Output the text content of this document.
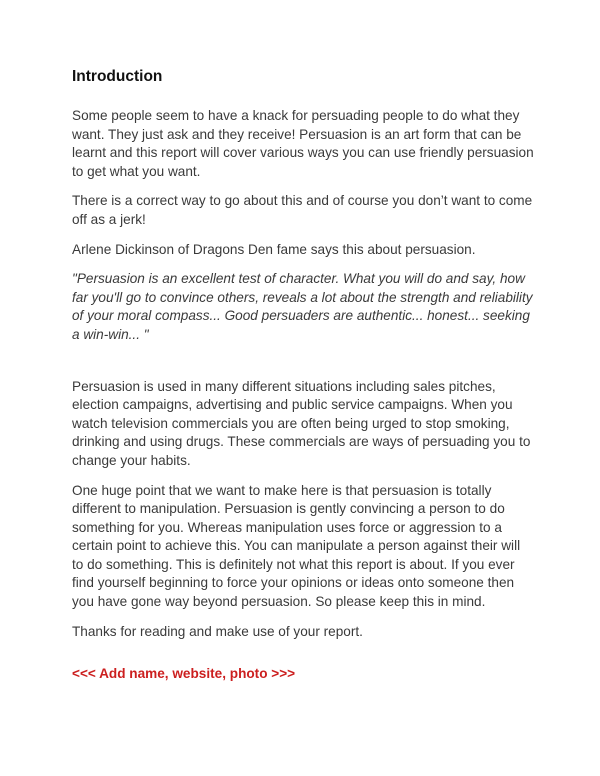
Introduction

Some people seem to have a knack for persuading people to do what they want. They just ask and they receive! Persuasion is an art form that can be learnt and this report will cover various ways you can use friendly persuasion to get what you want.

There is a correct way to go about this and of course you don’t want to come off as a jerk!

Arlene Dickinson of Dragons Den fame says this about persuasion.

"Persuasion is an excellent test of character. What you will do and say, how far you'll go to convince others, reveals a lot about the strength and reliability of your moral compass... Good persuaders are authentic... honest... seeking a win-win... "

Persuasion is used in many different situations including sales pitches, election campaigns, advertising and public service campaigns. When you watch television commercials you are often being urged to stop smoking, drinking and using drugs. These commercials are ways of persuading you to change your habits.

One huge point that we want to make here is that persuasion is totally different to manipulation. Persuasion is gently convincing a person to do something for you. Whereas manipulation uses force or aggression to a certain point to achieve this. You can manipulate a person against their will to do something. This is definitely not what this report is about. If you ever find yourself beginning to force your opinions or ideas onto someone then you have gone way beyond persuasion. So please keep this in mind.

Thanks for reading and make use of your report.

<<< Add name, website, photo >>>
